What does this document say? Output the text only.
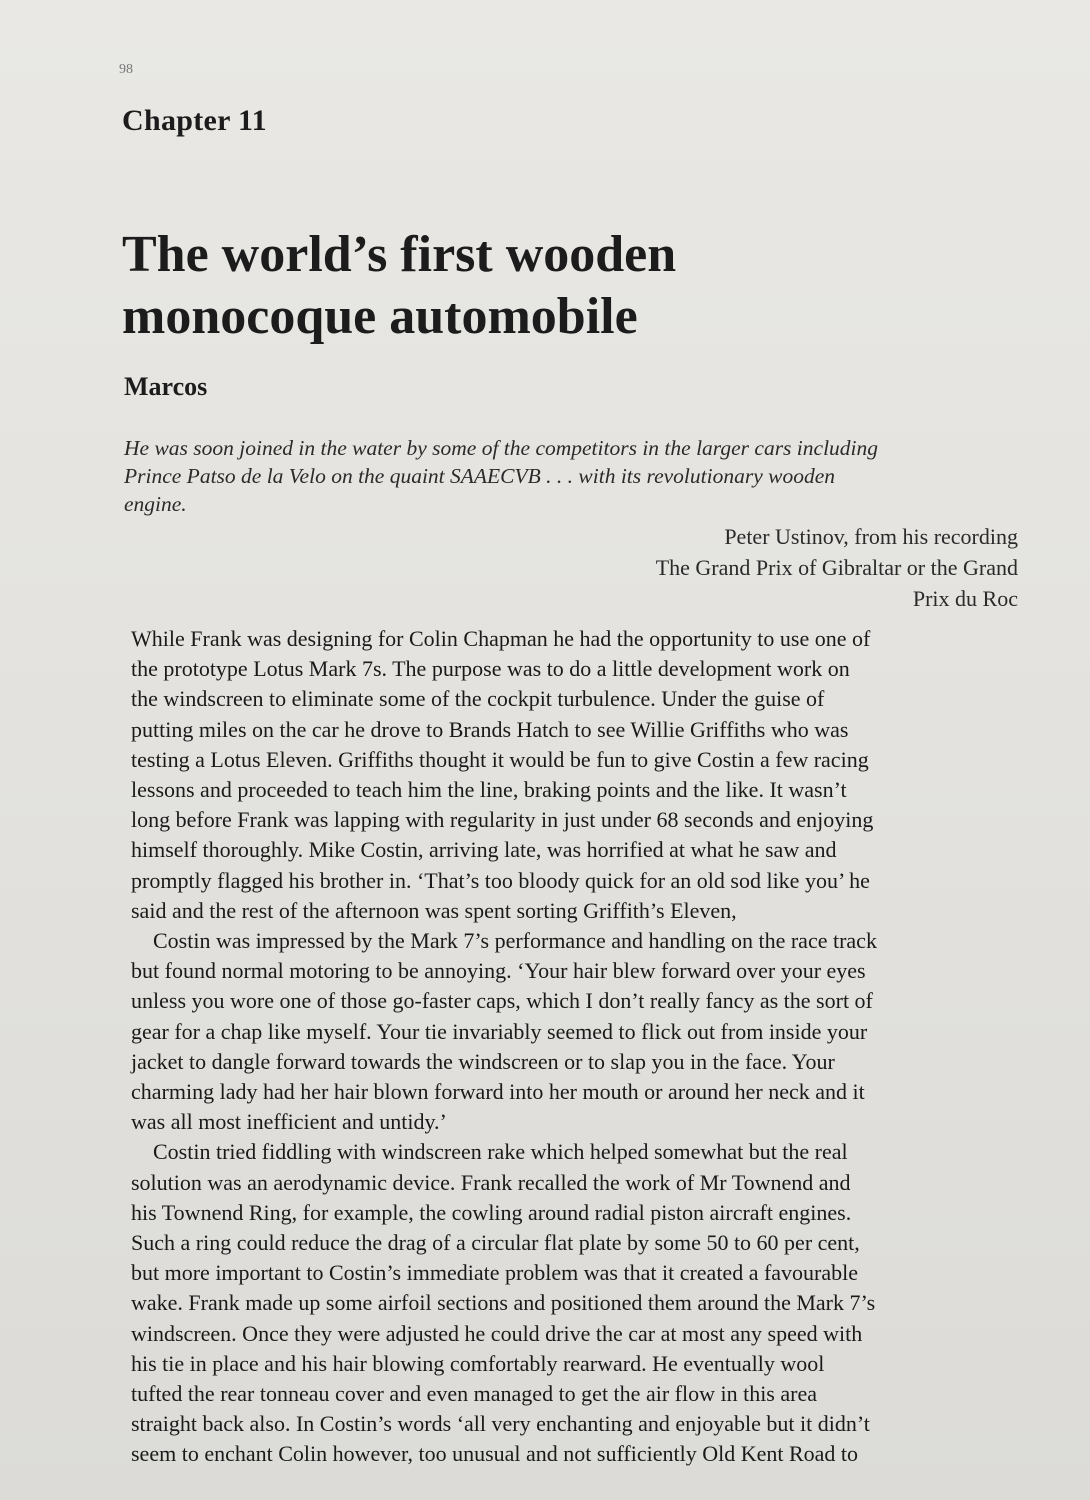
98
Chapter 11
The world’s first wooden
monocoque automobile
Marcos
He was soon joined in the water by some of the competitors in the larger cars including
Prince Patso de la Velo on the quaint SAAECVB . . . with its revolutionary wooden
engine.
Peter Ustinov, from his recording
The Grand Prix of Gibraltar or the Grand
Prix du Roc

While Frank was designing for Colin Chapman he had the opportunity to use one of
the prototype Lotus Mark 7s. The purpose was to do a little development work on
the windscreen to eliminate some of the cockpit turbulence. Under the guise of
putting miles on the car he drove to Brands Hatch to see Willie Griffiths who was
testing a Lotus Eleven. Griffiths thought it would be fun to give Costin a few racing
lessons and proceeded to teach him the line, braking points and the like. It wasn’t
long before Frank was lapping with regularity in just under 68 seconds and enjoying
himself thoroughly. Mike Costin, arriving late, was horrified at what he saw and
promptly flagged his brother in. ‘That’s too bloody quick for an old sod like you’ he
said and the rest of the afternoon was spent sorting Griffith’s Eleven,

Costin was impressed by the Mark 7’s performance and handling on the race track
but found normal motoring to be annoying. ‘Your hair blew forward over your eyes
unless you wore one of those go-faster caps, which I don’t really fancy as the sort of
gear for a chap like myself. Your tie invariably seemed to flick out from inside your
jacket to dangle forward towards the windscreen or to slap you in the face. Your
charming lady had her hair blown forward into her mouth or around her neck and it
was all most inefficient and untidy.’

Costin tried fiddling with windscreen rake which helped somewhat but the real
solution was an aerodynamic device. Frank recalled the work of Mr Townend and
his Townend Ring, for example, the cowling around radial piston aircraft engines.
Such a ring could reduce the drag of a circular flat plate by some 50 to 60 per cent,
but more important to Costin’s immediate problem was that it created a favourable
wake. Frank made up some airfoil sections and positioned them around the Mark 7’s
windscreen. Once they were adjusted he could drive the car at most any speed with
his tie in place and his hair blowing comfortably rearward. He eventually wool
tufted the rear tonneau cover and even managed to get the air flow in this area
straight back also. In Costin’s words ‘all very enchanting and enjoyable but it didn’t
seem to enchant Colin however, too unusual and not sufficiently Old Kent Road to
